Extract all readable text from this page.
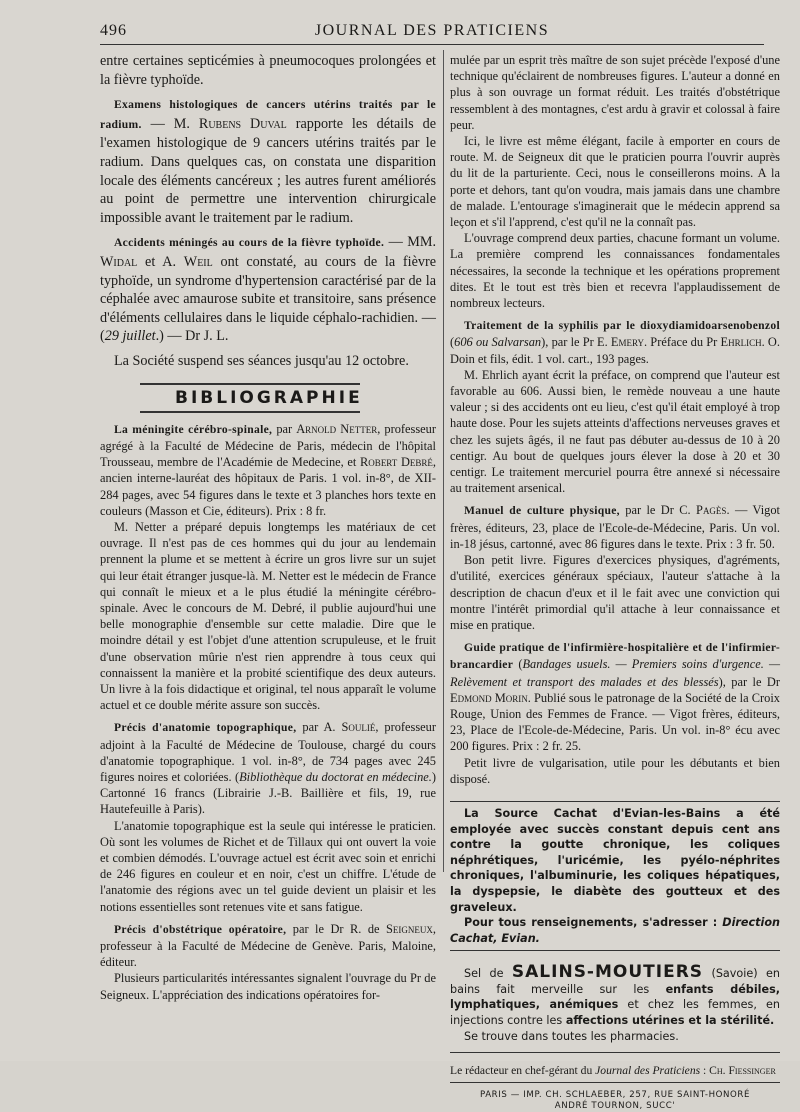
496	JOURNAL DES PRATICIENS

entre certaines septicémies à pneumocoques prolongées et la fièvre typhoïde.

Examens histologiques de cancers utérins traités par le radium. — M. Rubens Duval rapporte les détails de l'examen histologique de 9 cancers utérins traités par le radium. Dans quelques cas, on constata une disparition locale des éléments cancéreux ; les autres furent améliorés au point de permettre une intervention chirurgicale impossible avant le traitement par le radium.

Accidents méningés au cours de la fièvre typhoïde. — MM. Widal et A. Weil ont constaté, au cours de la fièvre typhoïde, un syndrome d'hypertension caractérisé par de la céphalée avec amaurose subite et transitoire, sans présence d'éléments cellulaires dans le liquide céphalo-rachidien. — (29 juillet.) — Dr J. L.

La Société suspend ses séances jusqu'au 12 octobre.

BIBLIOGRAPHIE

La méningite cérébro-spinale, par Arnold Netter, professeur agrégé à la Faculté de Médecine de Paris, médecin de l'hôpital Trousseau, membre de l'Académie de Medecine, et Robert Debré, ancien interne-lauréat des hôpitaux de Paris. 1 vol. in-8°, de XII-284 pages, avec 54 figures dans le texte et 3 planches hors texte en couleurs (Masson et Cie, éditeurs). Prix : 8 fr.

M. Netter a préparé depuis longtemps les matériaux de cet ouvrage. Il n'est pas de ces hommes qui du jour au lendemain prennent la plume et se mettent à écrire un gros livre sur un sujet qui leur était étranger jusque-là. M. Netter est le médecin de France qui connaît le mieux et a le plus étudié la méningite cérébro-spinale. Avec le concours de M. Debré, il publie aujourd'hui une belle monographie d'ensemble sur cette maladie. Dire que le moindre détail y est l'objet d'une attention scrupuleuse, et le fruit d'une observation mûrie n'est rien apprendre à tous ceux qui connaissent la manière et la probité scientifique des deux auteurs. Un livre à la fois didactique et original, tel nous apparaît le volume actuel et ce double mérite assure son succès.

Précis d'anatomie topographique, par A. Soulié, professeur adjoint à la Faculté de Médecine de Toulouse, chargé du cours d'anatomie topographique. 1 vol. in-8°, de 734 pages avec 245 figures noires et coloriées. (Bibliothèque du doctorat en médecine.) Cartonné 16 francs (Librairie J.-B. Baillière et fils, 19, rue Hautefeuille à Paris).

L'anatomie topographique est la seule qui intéresse le praticien. Où sont les volumes de Richet et de Tillaux qui ont ouvert la voie et combien démodés. L'ouvrage actuel est écrit avec soin et enrichi de 246 figures en couleur et en noir, c'est un chiffre. L'étude de l'anatomie des régions avec un tel guide devient un plaisir et les notions essentielles sont retenues vite et sans fatigue.

Précis d'obstétrique opératoire, par le Dr R. de Seigneux, professeur à la Faculté de Médecine de Genève. Paris, Maloine, éditeur.

Plusieurs particularités intéressantes signalent l'ouvrage du Pr de Seigneux. L'appréciation des indications opératoires for-

mulée par un esprit très maître de son sujet précède l'exposé d'une technique qu'éclairent de nombreuses figures. L'auteur a donné en plus à son ouvrage un format réduit. Les traités d'obstétrique ressemblent à des montagnes, c'est ardu à gravir et colossal à faire peur.

Ici, le livre est même élégant, facile à emporter en cours de route. M. de Seigneux dit que le praticien pourra l'ouvrir auprès du lit de la parturiente. Ceci, nous le conseillerons moins. A la porte et dehors, tant qu'on voudra, mais jamais dans une chambre de malade. L'entourage s'imaginerait que le médecin apprend sa leçon et s'il l'apprend, c'est qu'il ne la connaît pas.

L'ouvrage comprend deux parties, chacune formant un volume. La première comprend les connaissances fondamentales nécessaires, la seconde la technique et les opérations proprement dites. Et le tout est très bien et recevra l'applaudissement de nombreux lecteurs.

Traitement de la syphilis par le dioxydiamidoarsenobenzol (606 ou Salvarsan), par le Pr E. Emery. Préface du Pr Ehrlich. O. Doin et fils, édit. 1 vol. cart., 193 pages.

M. Ehrlich ayant écrit la préface, on comprend que l'auteur est favorable au 606. Aussi bien, le remède nouveau a une haute valeur ; si des accidents ont eu lieu, c'est qu'il était employé à trop haute dose. Pour les sujets atteints d'affections nerveuses graves et chez les sujets âgés, il ne faut pas débuter au-dessus de 10 à 20 centigr. Au bout de quelques jours élever la dose à 20 et 30 centigr. Le traitement mercuriel pourra être annexé si nécessaire au traitement arsenical.

Manuel de culture physique, par le Dr C. Pagès. — Vigot frères, éditeurs, 23, place de l'Ecole-de-Médecine, Paris. Un vol. in-18 jésus, cartonné, avec 86 figures dans le texte. Prix : 3 fr. 50.

Bon petit livre. Figures d'exercices physiques, d'agréments, d'utilité, exercices généraux spéciaux, l'auteur s'attache à la description de chacun d'eux et il le fait avec une conviction qui montre l'intérêt primordial qu'il attache à leur connaissance et mise en pratique.

Guide pratique de l'infirmière-hospitalière et de l'infirmier-brancardier (Bandages usuels. — Premiers soins d'urgence. — Relèvement et transport des malades et des blessés), par le Dr Edmond Morin. Publié sous le patronage de la Société de la Croix Rouge, Union des Femmes de France. — Vigot frères, éditeurs, 23, Place de l'Ecole-de-Médecine, Paris. Un vol. in-8° écu avec 200 figures. Prix : 2 fr. 25.

Petit livre de vulgarisation, utile pour les débutants et bien disposé.

La Source Cachat d'Evian-les-Bains a été employée avec succès constant depuis cent ans contre la goutte chronique, les coliques néphrétiques, l'uricémie, les pyélo-néphrites chroniques, l'albuminurie, les coliques hépatiques, la dyspepsie, le diabète des goutteux et des graveleux.

Pour tous renseignements, s'adresser : Direction Cachat, Evian.

Sel de SALINS-MOUTIERS (Savoie) en bains fait merveille sur les enfants débiles, lymphatiques, anémiques et chez les femmes, en injections contre les affections utérines et la stérilité.

Se trouve dans toutes les pharmacies.

Le rédacteur en chef-gérant du Journal des Praticiens : Ch. Fiessinger
PARIS — IMP. CH. SCHLAEBER, 257, RUE SAINT-HONORÉ
ANDRÉ TOURNON, SUCC'
